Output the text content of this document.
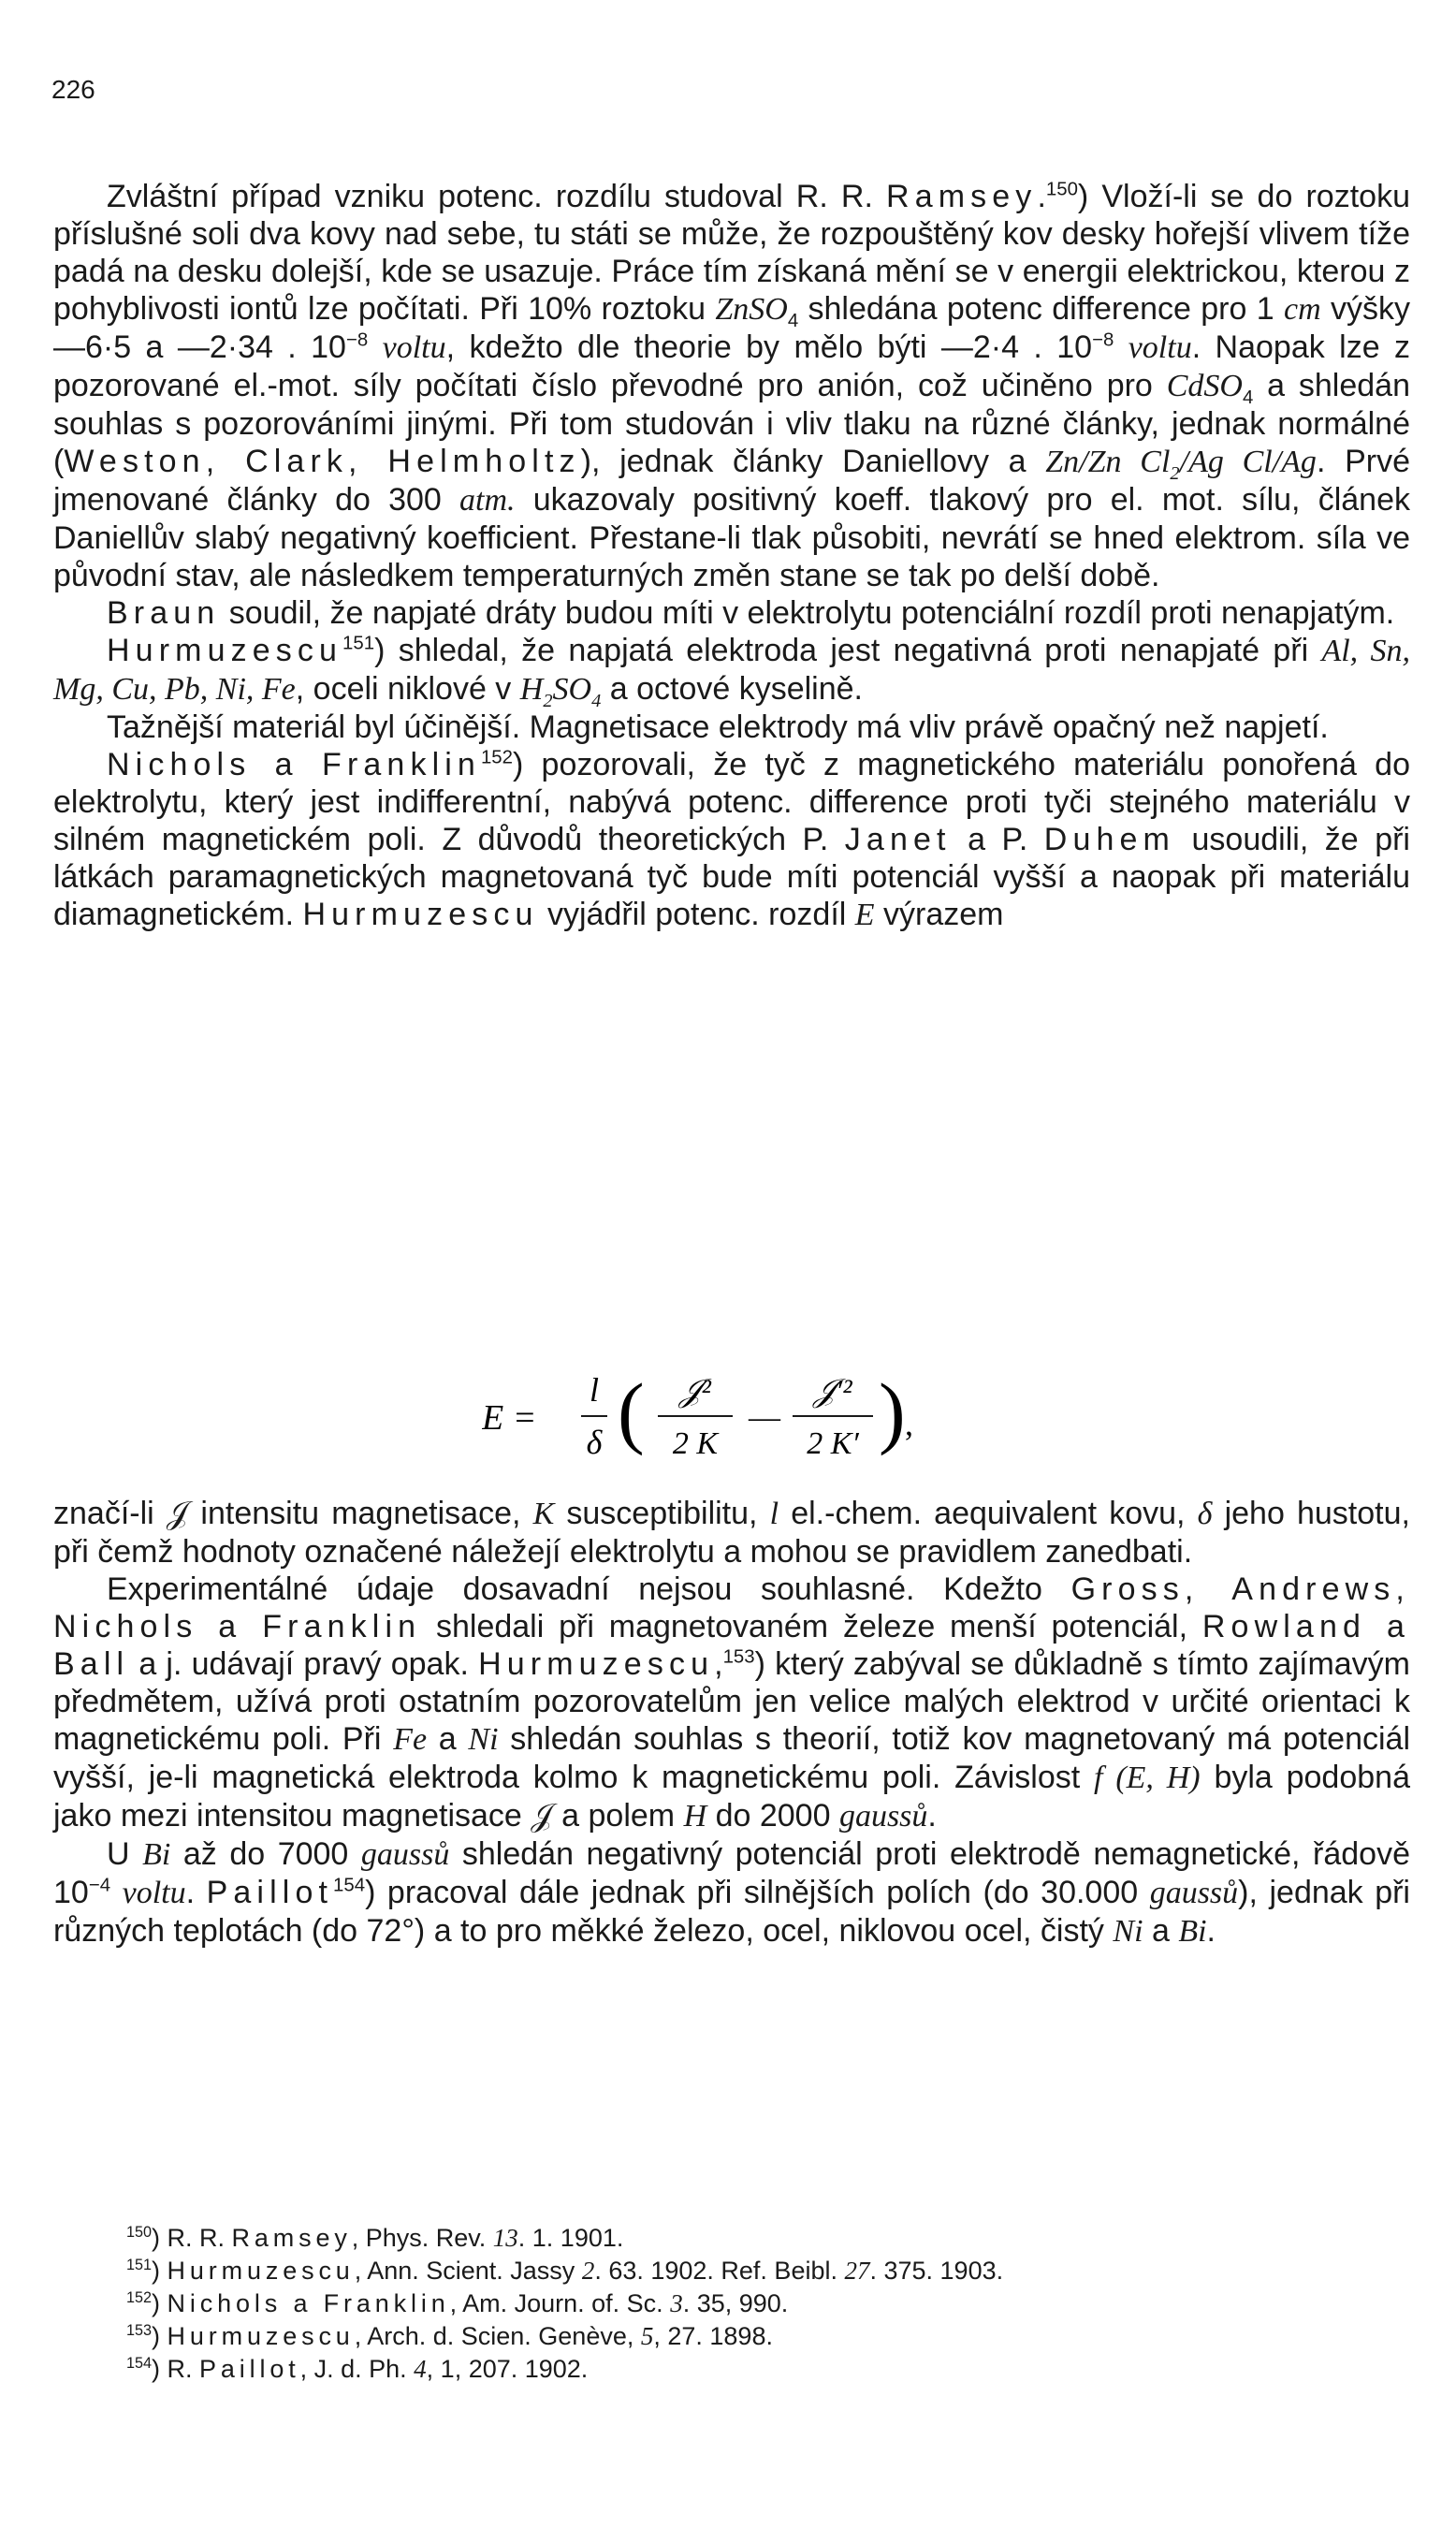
226

Zvláštní případ vzniku potenc. rozdílu studoval R. R. Ramsey.$^{150}$) Vloží-li se do roztoku příslušné soli dva kovy nad sebe, tu státi se může, že rozpouštěný kov desky hořejší vlivem tíže padá na desku dolejší, kde se usazuje. Práce tím získaná mění se v energii elektrickou, kterou z pohyblivosti iontů lze počítati. Při 10% roztoku ZnSO$_4$ shledána potenc difference pro 1 cm výšky —6·5 a —2·34 . $10^{-8}$ voltu, kdežto dle theorie by mělo býti —2·4 . $10^{-8}$ voltu. Naopak lze z pozorované el.-mot. síly počítati číslo převodné pro anión, což učiněno pro CdSO$_4$ a shledán souhlas s pozorováními jinými. Při tom studován i vliv tlaku na různé články, jednak normálné (Weston, Clark, Helmholtz), jednak články Daniellovy a Zn/Zn $Cl_2/Ag$ Cl/Ag. Prvé jmenované články do 300 atm. ukazovaly positivný koeff. tlakový pro el. mot. sílu, článek Daniellův slabý negativný koefficient. Přestane-li tlak působiti, nevrátí se hned elektrom. síla ve původní stav, ale následkem temperaturných změn stane se tak po delší době.

Braun soudil, že napjaté dráty budou míti v elektrolytu potenciální rozdíl proti nenapjatým.

Hurmuzescu$^{151}$) shledal, že napjatá elektroda jest negativná proti nenapjaté při Al, Sn, Mg, Cu, Pb, Ni, Fe, oceli niklové v $H_2SO_4$ a octové kyselině.

Tažnější materiál byl účinější. Magnetisace elektrody má vliv právě opačný než napjetí.

Nichols a Franklin$^{152}$) pozorovali, že tyč z magnetického materiálu ponořená do elektrolytu, který jest indifferentní, nabývá potenc. difference proti tyči stejného materiálu v silném magnetickém poli. Z důvodů theoretických P. Janet a P. Duhem usoudili, že při látkách paramagnetických magnetovaná tyč bude míti potenciál vyšší a naopak při materiálu diamagnetickém. Hurmuzescu vyjádřil potenc. rozdíl E výrazem

E =
l
δ ( 𝒥²
2 K
—
𝒥′²
2 K′ ) ,

značí-li 𝒥 intensitu magnetisace, K susceptibilitu, l el.-chem. aequivalent kovu, δ jeho hustotu, při čemž hodnoty označené náležejí elektrolytu a mohou se pravidlem zanedbati.

Experimentálné údaje dosavadní nejsou souhlasné. Kdežto Gross, Andrews, Nichols a Franklin shledali při magnetovaném železe menší potenciál, Rowland a Ball a j. udávají pravý opak. Hurmuzescu,$^{153}$) který zabýval se důkladně s tímto zajímavým předmětem, užívá proti ostatním pozorovatelům jen velice malých elektrod v určité orientaci k magnetickému poli. Při Fe a Ni shledán souhlas s theorií, totiž kov magnetovaný má potenciál vyšší, je-li magnetická elektroda kolmo k magnetickému poli. Závislost f (E, H) byla podobná jako mezi intensitou magnetisace 𝒥 a polem H do 2000 gaussů.

U Bi až do 7000 gaussů shledán negativný potenciál proti elektrodě nemagnetické, řádově $10^{-4}$ voltu. Paillot$^{154}$) pracoval dále jednak při silnějších polích (do 30.000 gaussů), jednak při různých teplotách (do 72°) a to pro měkké železo, ocel, niklovou ocel, čistý Ni a Bi.

$^{150}$) R. R. Ramsey, Phys. Rev. 13. 1. 1901.
$^{151}$) Hurmuzescu, Ann. Scient. Jassy 2. 63. 1902. Ref. Beibl. 27. 375. 1903.
$^{152}$) Nichols a Franklin, Am. Journ. of. Sc. 3. 35, 990.
$^{153}$) Hurmuzescu, Arch. d. Scien. Genève, 5, 27. 1898.
$^{154}$) R. Paillot, J. d. Ph. 4, 1, 207. 1902.
